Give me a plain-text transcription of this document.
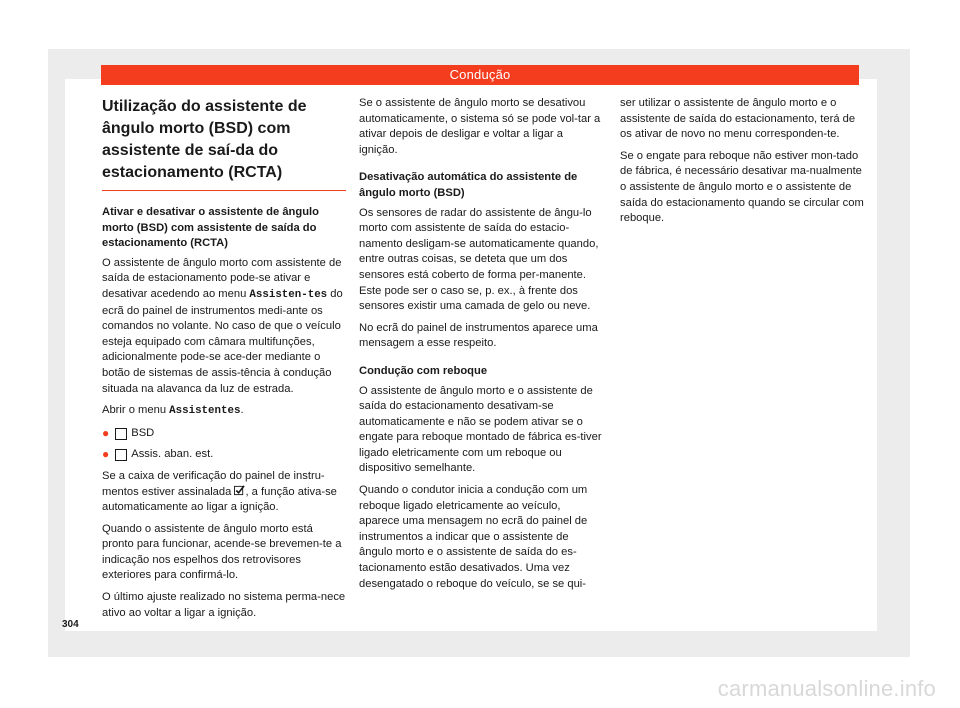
Condução
Utilização do assistente de ângulo morto (BSD) com assistente de saí-da do estacionamento (RCTA)
Ativar e desativar o assistente de ângulo morto (BSD) com assistente de saída do estacionamento (RCTA)

O assistente de ângulo morto com assistente de saída de estacionamento pode-se ativar e desativar acedendo ao menu Assisten-tes do ecrã do painel de instrumentos medi-ante os comandos no volante. No caso de que o veículo esteja equipado com câmara multifunções, adicionalmente pode-se ace-der mediante o botão de sistemas de assis-tência à condução situada na alavanca da luz de estrada.

Abrir o menu Assistentes.

● BSD
● Assis. aban. est.

Se a caixa de verificação do painel de instru-mentos estiver assinalada , a função ativa-se automaticamente ao ligar a ignição.

Quando o assistente de ângulo morto está pronto para funcionar, acende-se brevemen-te a indicação nos espelhos dos retrovisores exteriores para confirmá-lo.

O último ajuste realizado no sistema perma-nece ativo ao voltar a ligar a ignição.

Se o assistente de ângulo morto se desativou automaticamente, o sistema só se pode vol-tar a ativar depois de desligar e voltar a ligar a ignição.

Desativação automática do assistente de ângulo morto (BSD)

Os sensores de radar do assistente de ângu-lo morto com assistente de saída do estacio-namento desligam-se automaticamente quando, entre outras coisas, se deteta que um dos sensores está coberto de forma per-manente. Este pode ser o caso se, p. ex., à frente dos sensores existir uma camada de gelo ou neve.

No ecrã do painel de instrumentos aparece uma mensagem a esse respeito.

Condução com reboque

O assistente de ângulo morto e o assistente de saída do estacionamento desativam-se automaticamente e não se podem ativar se o engate para reboque montado de fábrica es-tiver ligado eletricamente com um reboque ou dispositivo semelhante.

Quando o condutor inicia a condução com um reboque ligado eletricamente ao veículo, aparece uma mensagem no ecrã do painel de instrumentos a indicar que o assistente de ângulo morto e o assistente de saída do es-tacionamento estão desativados. Uma vez desengatado o reboque do veículo, se se qui-

ser utilizar o assistente de ângulo morto e o assistente de saída do estacionamento, terá de os ativar de novo no menu corresponden-te.

Se o engate para reboque não estiver mon-tado de fábrica, é necessário desativar ma-nualmente o assistente de ângulo morto e o assistente de saída do estacionamento quando se circular com reboque.

304
carmanualsonline.info
